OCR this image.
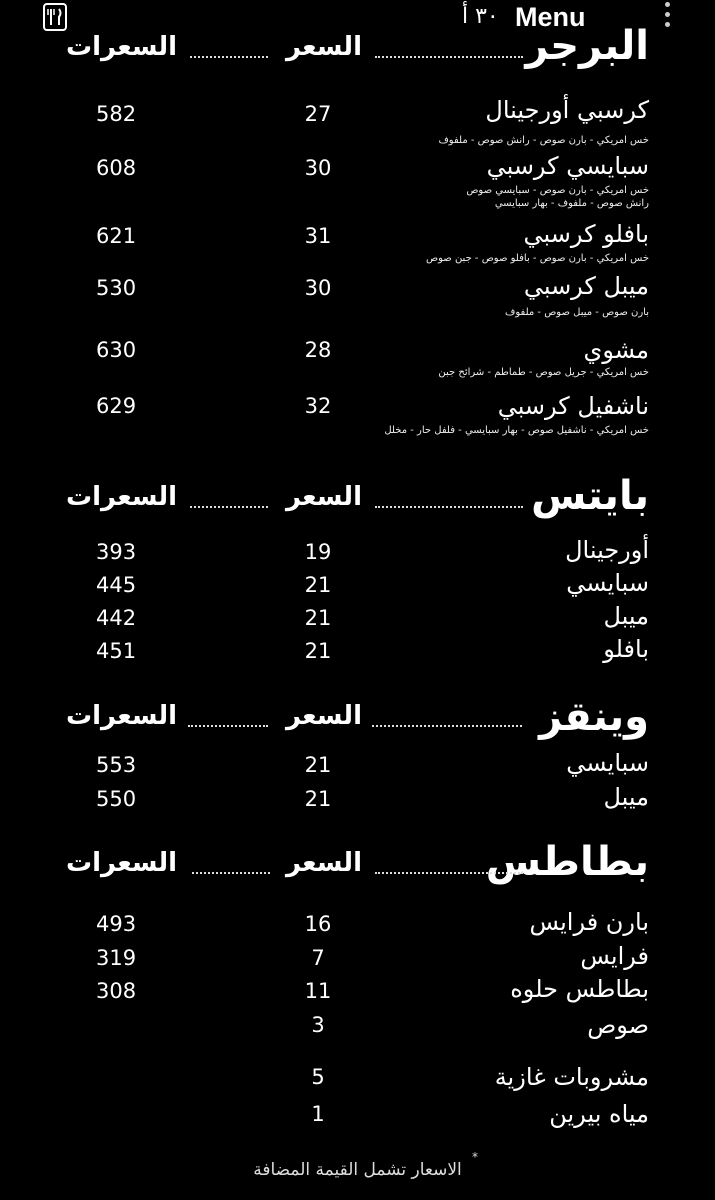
٣٠ أ Menu
البرجر
السعر
السعرات
كرسبي أورجينال
27
582
خس امريكي - بارن صوص - رانش صوص - ملفوف
سبايسي كرسبي
30
608
خس امريكي - بارن صوص - سبايسي صوص
رانش صوص - ملفوف - بهار سبايسي
بافلو كرسبي
31
621
خس امريكي - بارن صوص - بافلو صوص - جبن صوص
ميبل كرسبي
30
530
بارن صوص - ميبل صوص - ملفوف
مشوي
28
630
خس امريكي - جريل صوص - طماطم - شرائح جبن
ناشفيل كرسبي
32
629
خس امريكي - ناشفيل صوص - بهار سبايسي - فلفل حار - مخلل
بايتس
السعر
السعرات
أورجينال
19
393
سبايسي
21
445
ميبل
21
442
بافلو
21
451
وينقز
السعر
السعرات
سبايسي
21
553
ميبل
21
550
بطاطس
السعر
السعرات
بارن فرايس
16
493
فرايس
7
319
بطاطس حلوه
11
308
صوص
3
مشروبات غازية
5
مياه بيرين
1
*
الاسعار تشمل القيمة المضافة
